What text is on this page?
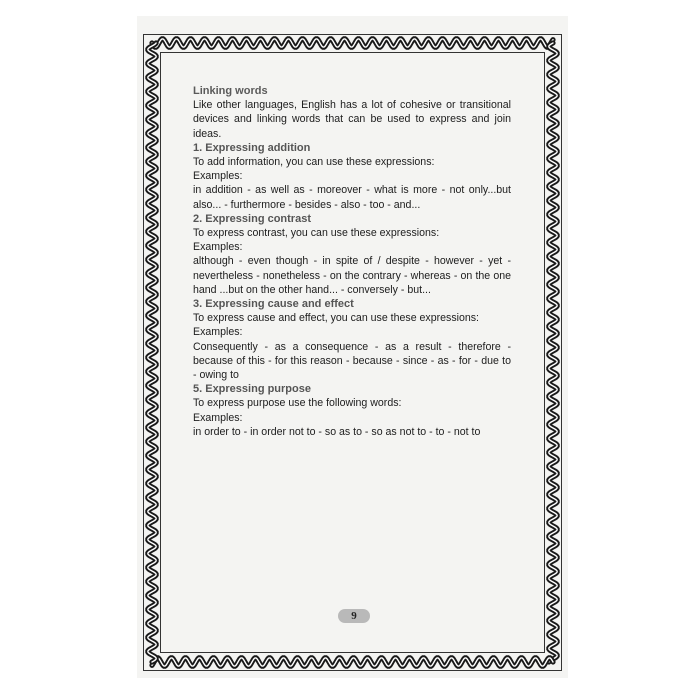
Linking words

Like other languages, English has a lot of cohesive or transitional devices and linking words that can be used to express and join ideas.

1. Expressing addition

To add information, you can use these expressions:

Examples:

in addition - as well as - moreover - what is more - not only...but also... - furthermore - besides - also - too - and...

2. Expressing contrast

To express contrast, you can use these expressions:

Examples:

although - even though - in spite of / despite - however - yet - nevertheless - nonetheless - on the contrary - whereas - on the one hand ...but on the other hand... - conversely - but...

3. Expressing cause and effect

To express cause and effect, you can use these expressions:

Examples:

Consequently - as a consequence - as a result - therefore - because of this - for this reason - because - since - as - for - due to - owing to

5. Expressing purpose

To express purpose use the following words:

Examples:

in order to - in order not to - so as to - so as not to - to - not to

9
